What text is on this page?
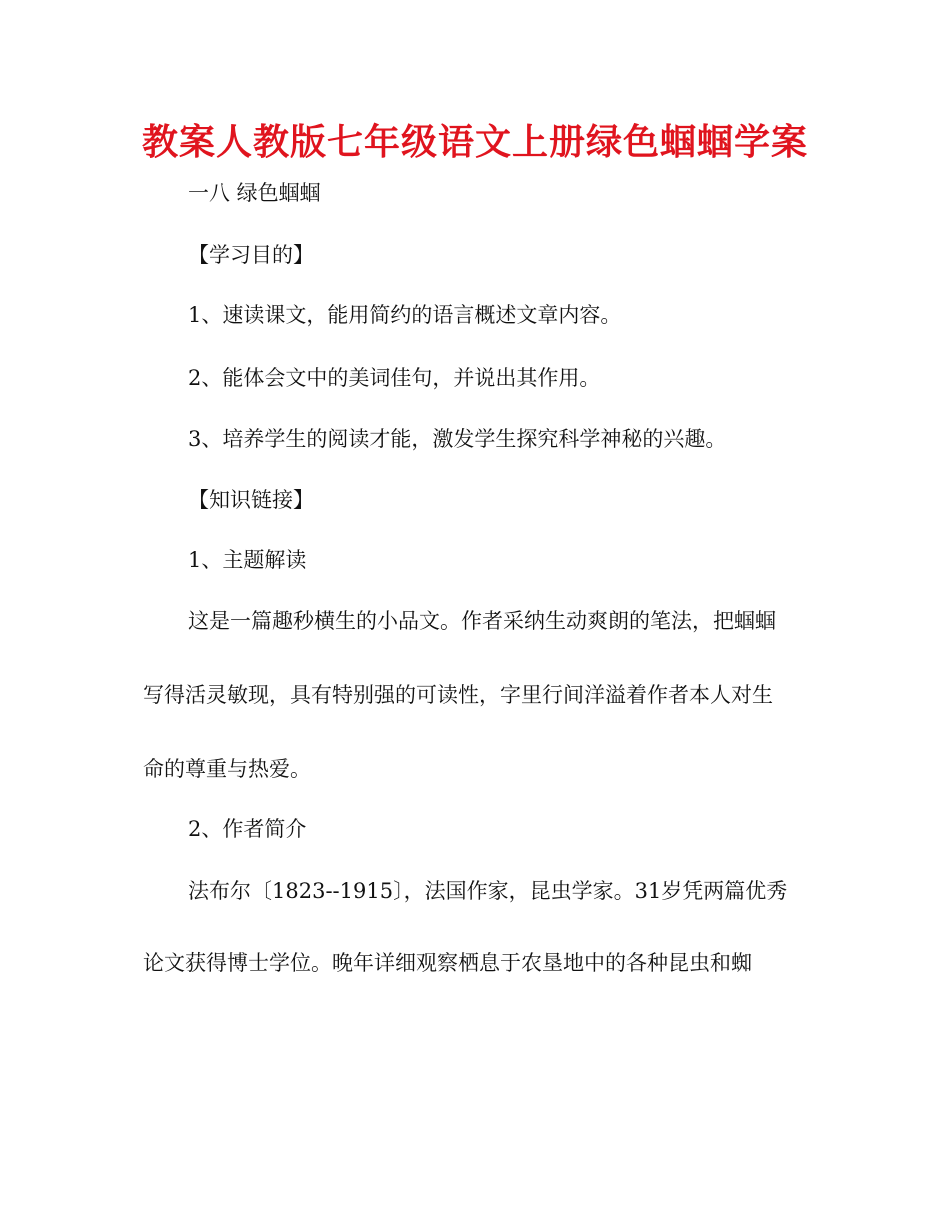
教案人教版七年级语文上册绿色蝈蝈学案

一八 绿色蝈蝈

【学习目的】

1、速读课文，能用简约的语言概述文章内容。

2、能体会文中的美词佳句，并说出其作用。

3、培养学生的阅读才能，激发学生探究科学神秘的兴趣。

【知识链接】

1、主题解读

这是一篇趣秒横生的小品文。作者采纳生动爽朗的笔法，把蝈蝈

写得活灵敏现，具有特别强的可读性，字里行间洋溢着作者本人对生

命的尊重与热爱。

2、作者简介

法布尔〔1823--1915〕，法国作家，昆虫学家。31岁凭两篇优秀

论文获得博士学位。晚年详细观察栖息于农垦地中的各种昆虫和蜘
